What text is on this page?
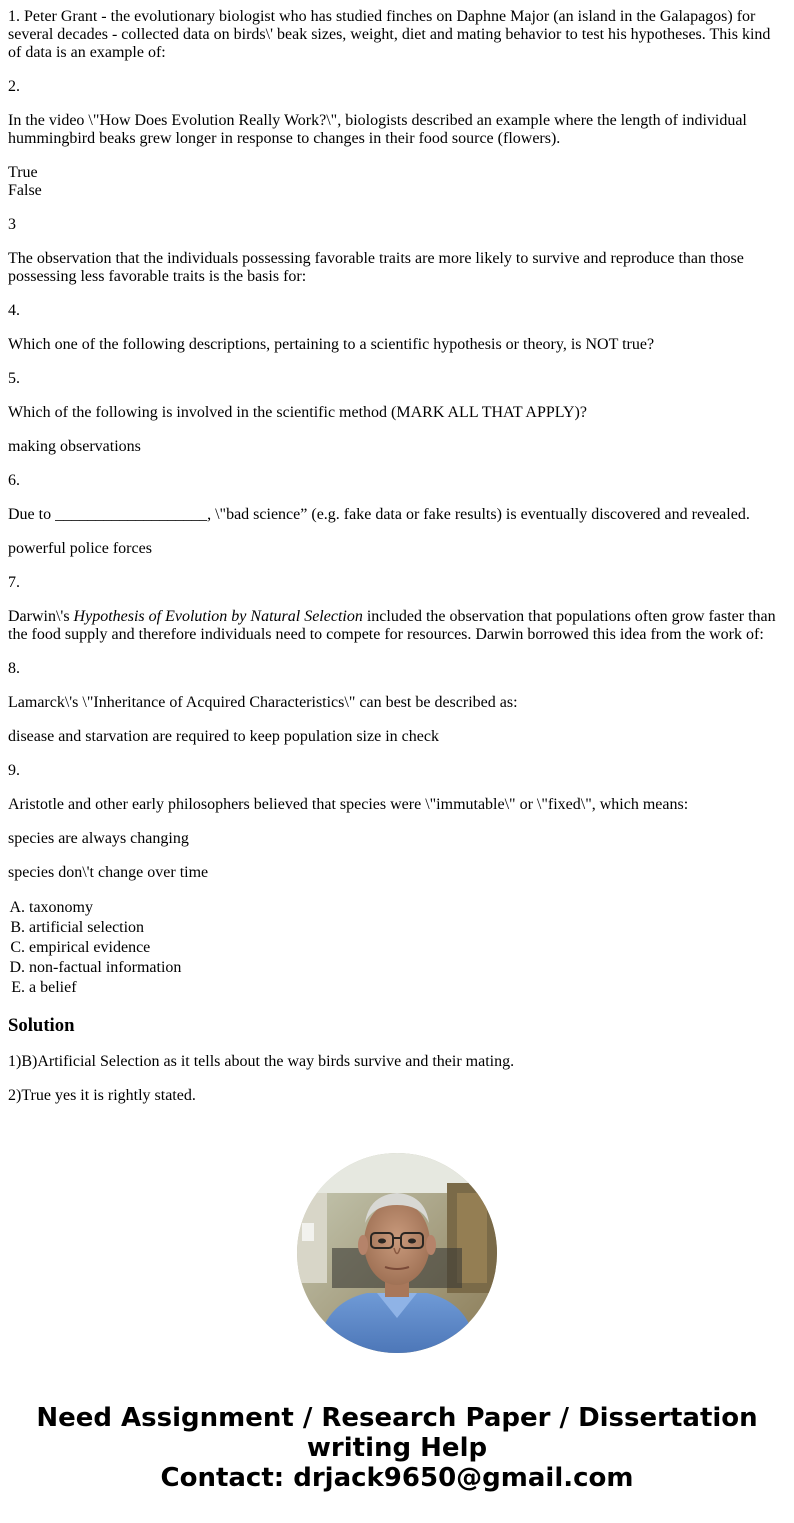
1. Peter Grant - the evolutionary biologist who has studied finches on Daphne Major (an island in the Galapagos) for several decades - collected data on birds\' beak sizes, weight, diet and mating behavior to test his hypotheses. This kind of data is an example of:

2.

In the video \"How Does Evolution Really Work?\", biologists described an example where the length of individual hummingbird beaks grew longer in response to changes in their food source (flowers).

True
False

3

The observation that the individuals possessing favorable traits are more likely to survive and reproduce than those possessing less favorable traits is the basis for:

4.

Which one of the following descriptions, pertaining to a scientific hypothesis or theory, is NOT true?

5.

Which of the following is involved in the scientific method (MARK ALL THAT APPLY)?

making observations

6.

Due to ___________________, \"bad science” (e.g. fake data or fake results) is eventually discovered and revealed.

powerful police forces

7.

Darwin\'s Hypothesis of Evolution by Natural Selection included the observation that populations often grow faster than the food supply and therefore individuals need to compete for resources. Darwin borrowed this idea from the work of:

8.

Lamarck\'s \"Inheritance of Acquired Characteristics\" can best be described as:

disease and starvation are required to keep population size in check

9.

Aristotle and other early philosophers believed that species were \"immutable\" or \"fixed\", which means:

species are always changing

species don\'t change over time

A. taxonomy
B. artificial selection
C. empirical evidence
D. non-factual information
E. a belief
Solution

1)B)Artificial Selection as it tells about the way birds survive and their mating.

2)True yes it is rightly stated.

Need Assignment / Research Paper / Dissertation
writing Help
Contact: drjack9650@gmail.com
